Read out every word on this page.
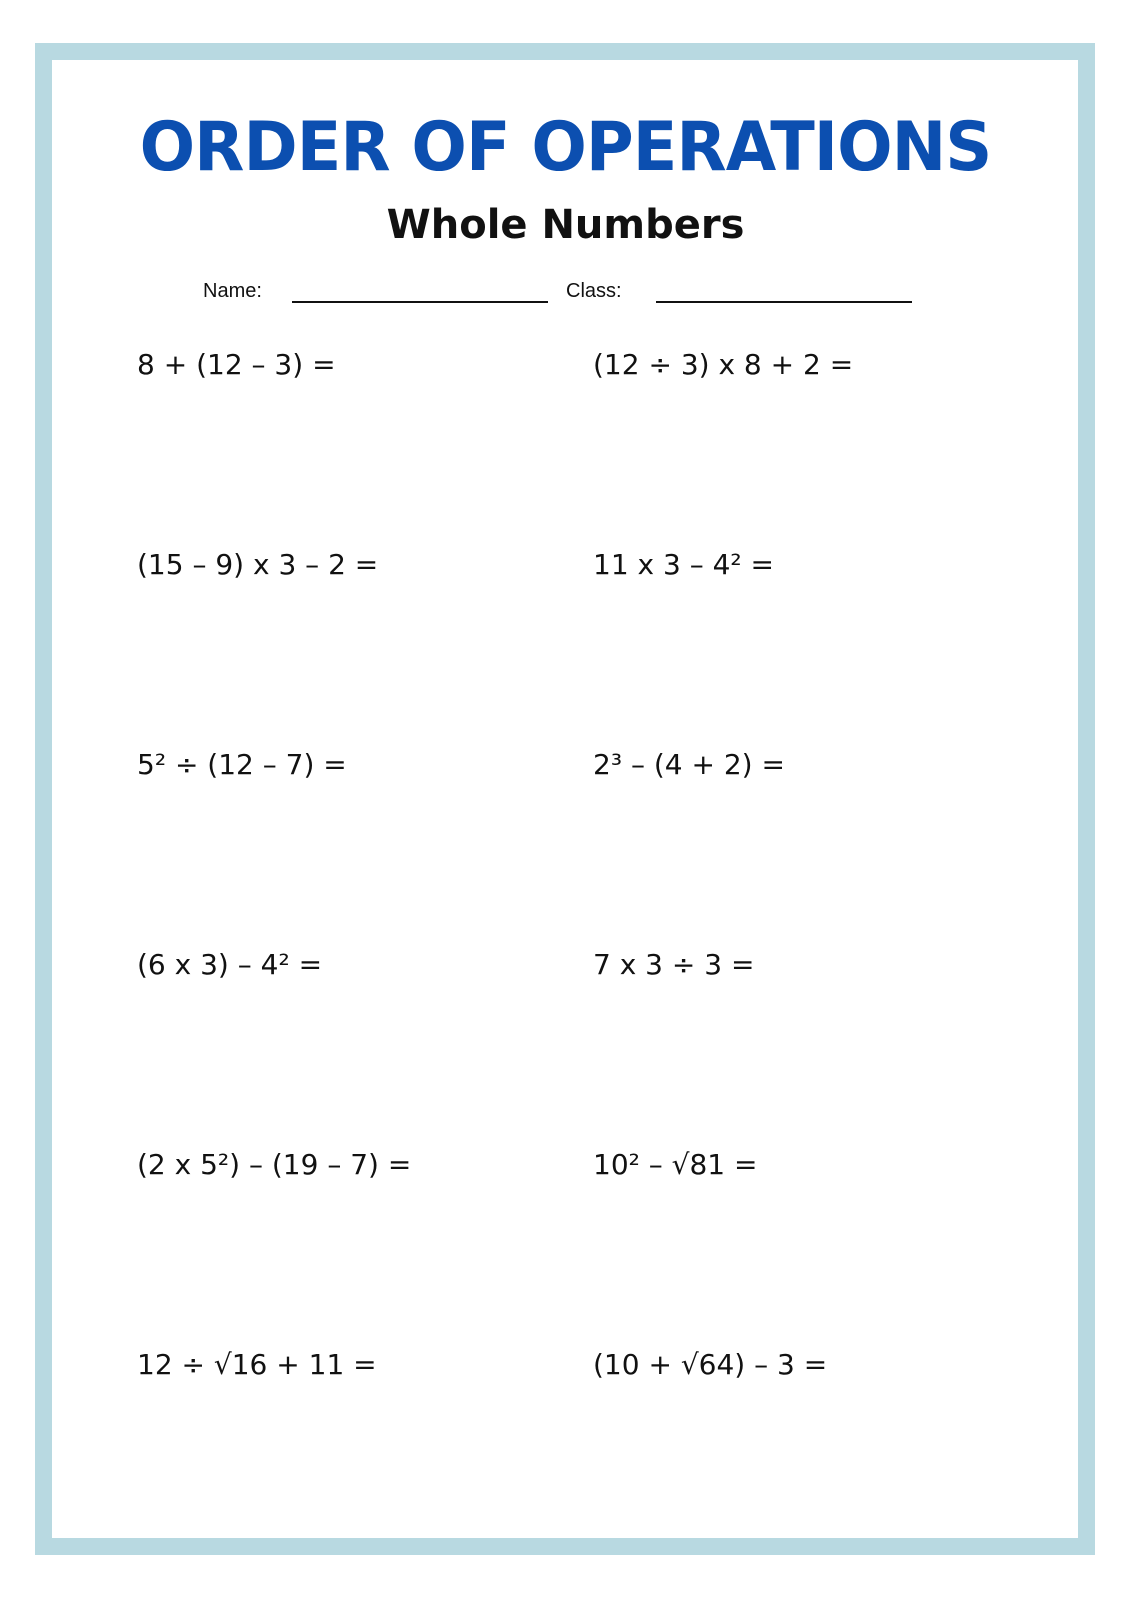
ORDER OF OPERATIONS
Whole Numbers
Name:	Class:
8 + (12 – 3) =	(12 ÷ 3) x 8 + 2 =
(15 – 9) x 3 – 2 =	11 x 3 – 4² =
5² ÷ (12 – 7) =	2³ – (4 + 2) =
(6 x 3) – 4² =	7 x 3 ÷ 3 =
(2 x 5²) – (19 – 7) =	10² – √81 =
12 ÷ √16 + 11 =	(10 + √64) – 3 =
